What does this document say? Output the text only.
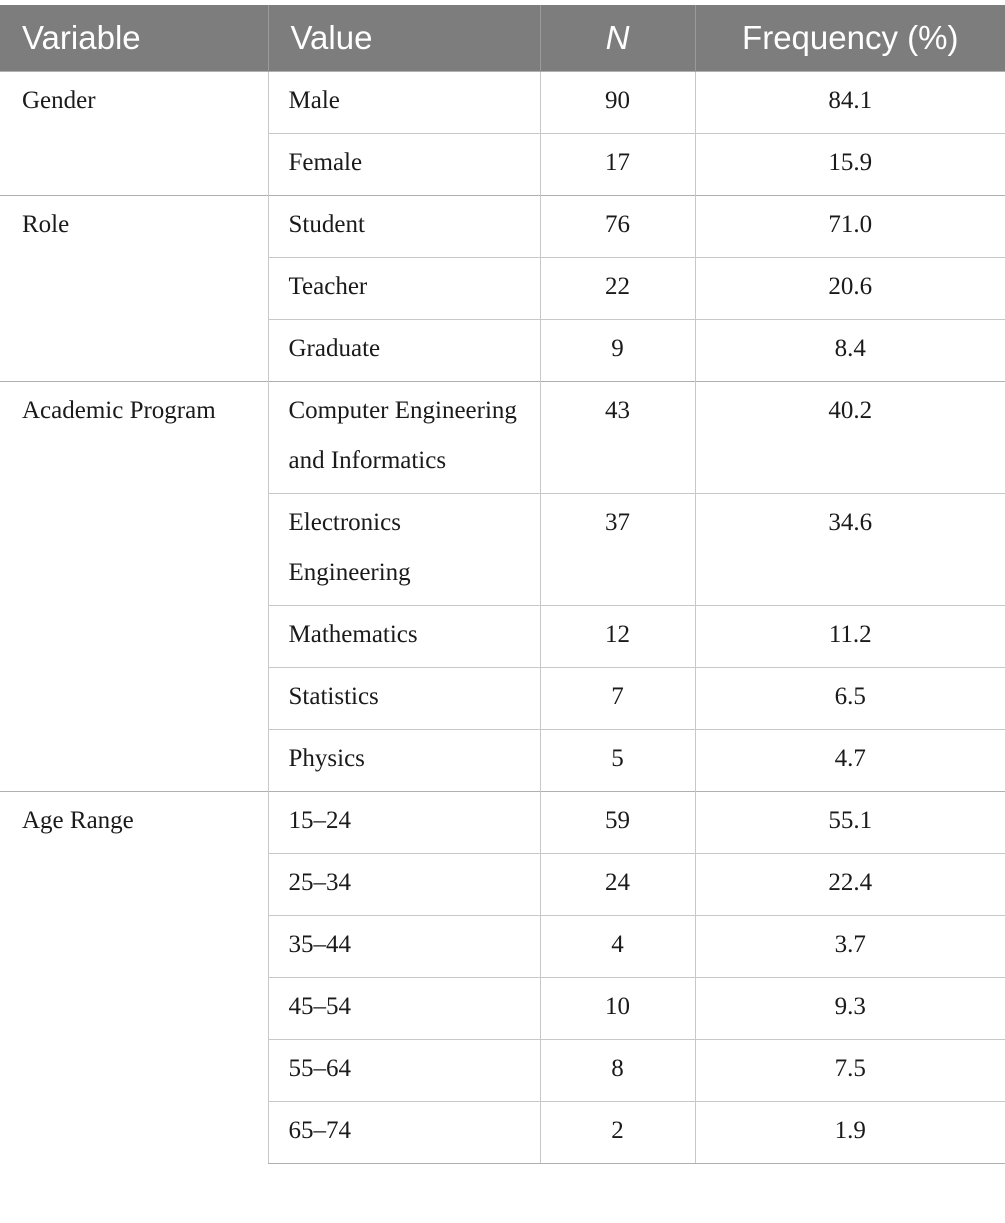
Variable	Value	N	Frequency (%)
Gender	Male	90	84.1
	Female	17	15.9
Role	Student	76	71.0
	Teacher	22	20.6
	Graduate	9	8.4
Academic Program	Computer Engineering and Informatics	43	40.2
	Electronics Engineering	37	34.6
	Mathematics	12	11.2
	Statistics	7	6.5
	Physics	5	4.7
Age Range	15–24	59	55.1
	25–34	24	22.4
	35–44	4	3.7
	45–54	10	9.3
	55–64	8	7.5
	65–74	2	1.9
